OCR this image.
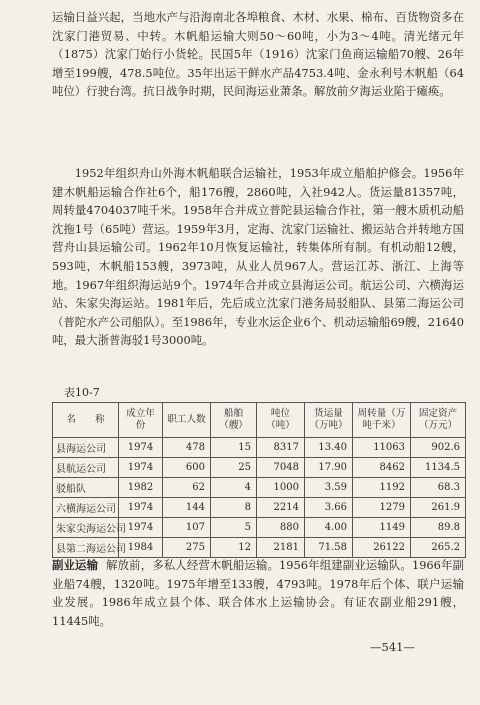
运输日益兴起，当地水产与沿海南北各埠粮食、木材、水果、棉布、百货物资多在沈家门港贸易、中转。木帆船运输大则50～60吨，小为3～4吨。清光绪元年（1875）沈家门始行小货轮。民国5年（1916）沈家门鱼商运输船70艘、26年增至199艘，478.5吨位。35年出运干鲜水产品4753.4吨、金永利号木帆船（64吨位）行驶台湾。抗日战争时期，民间海运业萧条。解放前夕海运业陷于瘫痪。

1952年组织舟山外海木帆船联合运输社，1953年成立船舶护修会。1956年建木帆船运输合作社6个，船176艘，2860吨，入社942人。货运量81357吨，周转量4704037吨千米。1958年合并成立普陀县运输合作社，第一艘木质机动船沈拖1号（65吨）营运。1959年3月，定海、沈家门运输社、搬运站合并转地方国营舟山县运输公司。1962年10月恢复运输社，转集体所有制。有机动船12艘，593吨，木帆船153艘，3973吨，从业人员967人。营运江苏、浙江、上海等地。1967年组织海运站9个。1974年合并成立县海运公司。航运公司、六横海运站、朱家尖海运站。1981年后，先后成立沈家门港务局驳船队、县第二海运公司（普陀水产公司船队）。至1986年，专业水运企业6个、机动运输船69艘，21640吨，最大浙普海驳1号3000吨。

表10-7

名　　称	成立年份	职工人数	船舶（艘）	吨位（吨）	货运量（万吨）	周转量（万吨千米）	固定资产（万元）
县海运公司	1974	478	15	8317	13.40	11063	902.6
县航运公司	1974	600	25	7048	17.90	8462	1134.5
驳船队	1982	62	4	1000	3.59	1192	68.3
六横海运公司	1974	144	8	2214	3.66	1279	261.9
朱家尖海运公司	1974	107	5	880	4.00	1149	89.8
县第二海运公司	1984	275	12	2181	71.58	26122	265.2

副业运输 解放前，多私人经营木帆船运输。1956年组建副业运输队。1966年副业船74艘，1320吨。1975年增至133艘，4793吨。1978年后个体、联户运输业发展。1986年成立县个体、联合体水上运输协会。有证农副业船291艘，11445吨。

—541—
